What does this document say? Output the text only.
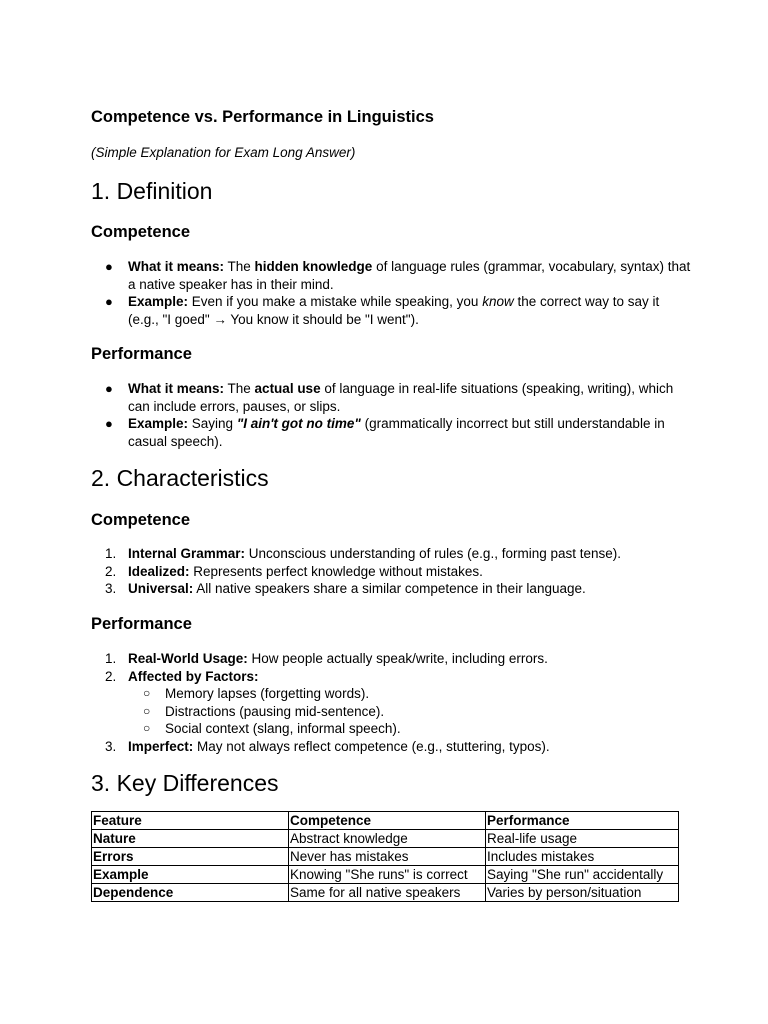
Competence vs. Performance in Linguistics
(Simple Explanation for Exam Long Answer)
1. Definition
Competence
● What it means: The hidden knowledge of language rules (grammar, vocabulary, syntax) that a native speaker has in their mind.
● Example: Even if you make a mistake while speaking, you know the correct way to say it (e.g., "I goed" → You know it should be "I went").
Performance
● What it means: The actual use of language in real-life situations (speaking, writing), which can include errors, pauses, or slips.
● Example: Saying "I ain't got no time" (grammatically incorrect but still understandable in casual speech).
2. Characteristics
Competence
1. Internal Grammar: Unconscious understanding of rules (e.g., forming past tense).
2. Idealized: Represents perfect knowledge without mistakes.
3. Universal: All native speakers share a similar competence in their language.
Performance
1. Real-World Usage: How people actually speak/write, including errors.
2. Affected by Factors:
○ Memory lapses (forgetting words).
○ Distractions (pausing mid-sentence).
○ Social context (slang, informal speech).
3. Imperfect: May not always reflect competence (e.g., stuttering, typos).
3. Key Differences
Feature	Competence	Performance
Nature	Abstract knowledge	Real-life usage
Errors	Never has mistakes	Includes mistakes
Example	Knowing "She runs" is correct	Saying "She run" accidentally
Dependence	Same for all native speakers	Varies by person/situation
